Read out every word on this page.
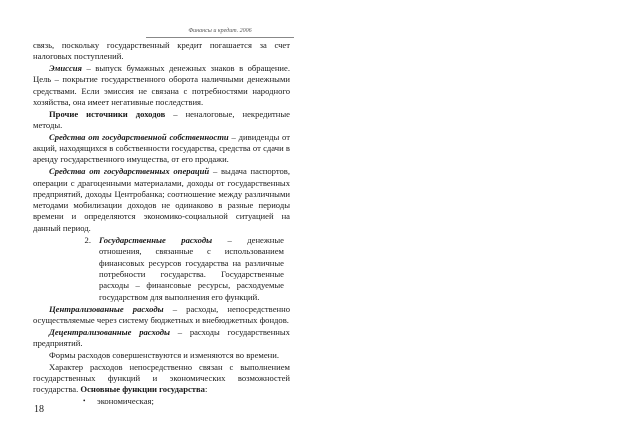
Финансы и кредит. 2006

связь, поскольку государственный кредит погашается за счет налоговых поступлений.

Эмиссия – выпуск бумажных денежных знаков в обращение. Цель – покрытие государственного оборота наличными денежными средствами. Если эмиссия не связана с потребностями народного хозяйства, она имеет негативные последствия.

Прочие источники доходов – неналоговые, некредитные методы.

Средства от государственной собственности – дивиденды от акций, находящихся в собственности государства, средства от сдачи в аренду государственного имущества, от его продажи.

Средства от государственных операций – выдача паспортов, операции с драгоценными материалами, доходы от государственных предприятий, доходы Центробанка; соотношение между различными методами мобилизации доходов не одинаково в разные периоды времени и определяются экономико-социальной ситуацией на данный период.

2. Государственные расходы – денежные отношения, связанные с использованием финансовых ресурсов государства на различные потребности государства. Государственные расходы – финансовые ресурсы, расходуемые государством для выполнения его функций.

Централизованные расходы – расходы, непосредственно осуществляемые через систему бюджетных и внебюджетных фондов.

Децентрализованные расходы – расходы государственных предприятий.

Формы расходов совершенствуются и изменяются во времени.

Характер расходов непосредственно связан с выполнением государственных функций и экономических возможностей государства. Основные функции государства:

•	экономическая;
18
